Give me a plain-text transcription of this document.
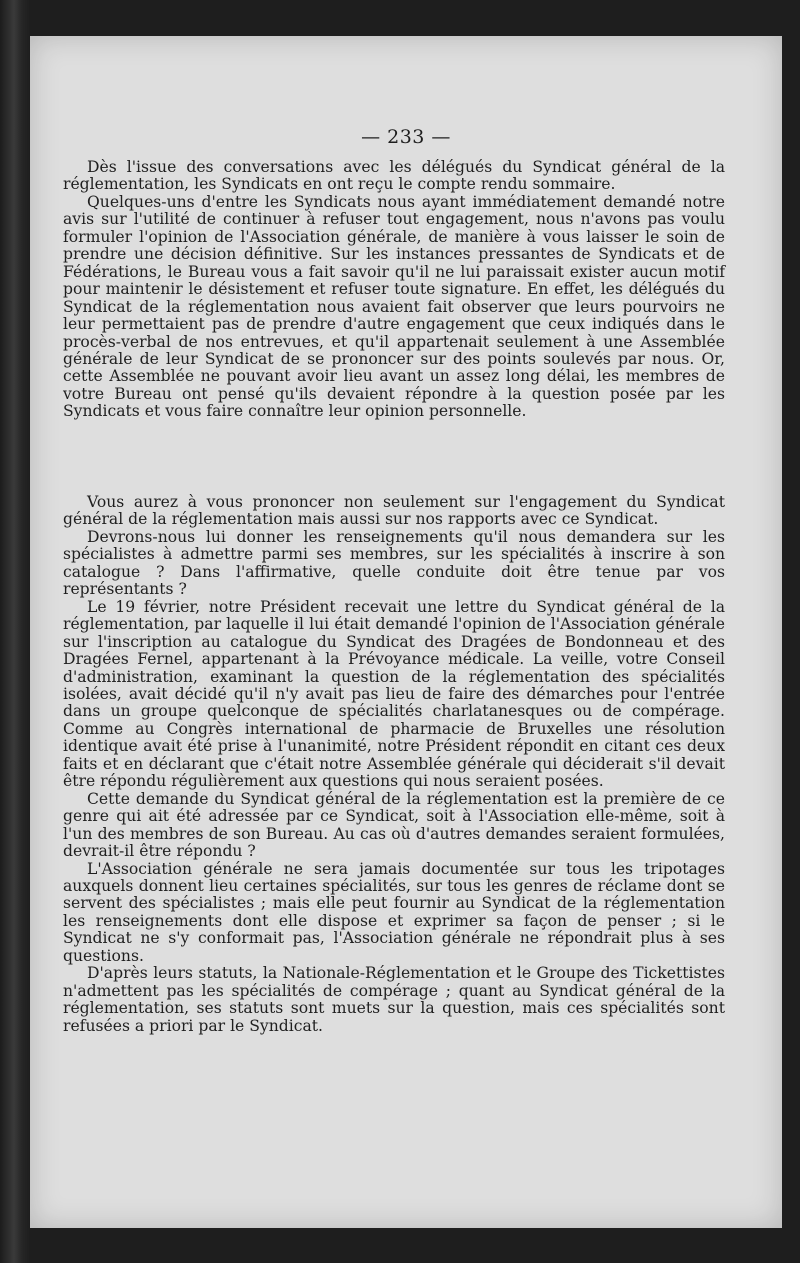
— 233 —

Dès l'issue des conversations avec les délégués du Syndicat général de la réglementation, les Syndicats en ont reçu le compte rendu sommaire.

Quelques-uns d'entre les Syndicats nous ayant immédiatement demandé notre avis sur l'utilité de continuer à refuser tout engagement, nous n'avons pas voulu formuler l'opinion de l'Association générale, de manière à vous laisser le soin de prendre une décision définitive. Sur les instances pressantes de Syndicats et de Fédérations, le Bureau vous a fait savoir qu'il ne lui paraissait exister aucun motif pour maintenir le désistement et refuser toute signature. En effet, les délégués du Syndicat de la réglementation nous avaient fait observer que leurs pourvoirs ne leur permettaient pas de prendre d'autre engagement que ceux indiqués dans le procès-verbal de nos entrevues, et qu'il appartenait seulement à une Assemblée générale de leur Syndicat de se prononcer sur des points soulevés par nous. Or, cette Assemblée ne pouvant avoir lieu avant un assez long délai, les membres de votre Bureau ont pensé qu'ils devaient répondre à la question posée par les Syndicats et vous faire connaître leur opinion personnelle.

Vous aurez à vous prononcer non seulement sur l'engagement du Syndicat général de la réglementation mais aussi sur nos rapports avec ce Syndicat.

Devrons-nous lui donner les renseignements qu'il nous demandera sur les spécialistes à admettre parmi ses membres, sur les spécialités à inscrire à son catalogue ? Dans l'affirmative, quelle conduite doit être tenue par vos représentants ?

Le 19 février, notre Président recevait une lettre du Syndicat général de la réglementation, par laquelle il lui était demandé l'opinion de l'Association générale sur l'inscription au catalogue du Syndicat des Dragées de Bondonneau et des Dragées Fernel, appartenant à la Prévoyance médicale. La veille, votre Conseil d'administration, examinant la question de la réglementation des spécialités isolées, avait décidé qu'il n'y avait pas lieu de faire des démarches pour l'entrée dans un groupe quelconque de spécialités charlatanesques ou de compérage. Comme au Congrès international de pharmacie de Bruxelles une résolution identique avait été prise à l'unanimité, notre Président répondit en citant ces deux faits et en déclarant que c'était notre Assemblée générale qui déciderait s'il devait être répondu régulièrement aux questions qui nous seraient posées.

Cette demande du Syndicat général de la réglementation est la première de ce genre qui ait été adressée par ce Syndicat, soit à l'Association elle-même, soit à l'un des membres de son Bureau. Au cas où d'autres demandes seraient formulées, devrait-il être répondu ?

L'Association générale ne sera jamais documentée sur tous les tripotages auxquels donnent lieu certaines spécialités, sur tous les genres de réclame dont se servent des spécialistes ; mais elle peut fournir au Syndicat de la réglementation les renseignements dont elle dispose et exprimer sa façon de penser ; si le Syndicat ne s'y conformait pas, l'Association générale ne répondrait plus à ses questions.

D'après leurs statuts, la Nationale-Réglementation et le Groupe des Tickettistes n'admettent pas les spécialités de compérage ; quant au Syndicat général de la réglementation, ses statuts sont muets sur la question, mais ces spécialités sont refusées a priori par le Syndicat.
